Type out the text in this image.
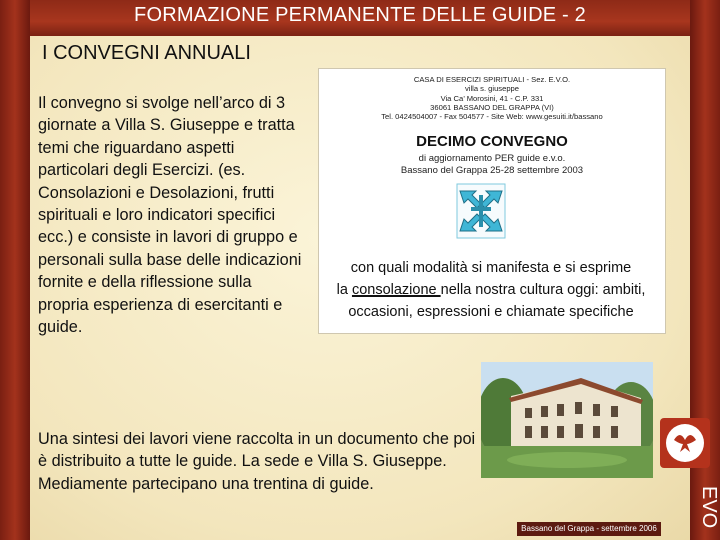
FORMAZIONE PERMANENTE DELLE GUIDE - 2
I CONVEGNI ANNUALI
Il convegno si svolge nell’arco di 3 giornate a Villa S. Giuseppe e tratta temi che riguardano aspetti particolari degli Esercizi. (es. Consolazioni e Desolazioni, frutti spirituali e loro indicatori specifici ecc.) e consiste in lavori di gruppo e personali sulla base delle indicazioni fornite e della riflessione sulla propria esperienza di esercitanti e guide.
CASA DI ESERCIZI SPIRITUALI - Sez. E.V.O.
villa s. giuseppe
Via Ca’ Morosini, 41 - C.P. 331
36061 BASSANO DEL GRAPPA (VI)
Tel. 0424504007 - Fax 504577 - Site Web: www.gesuiti.it/bassano
DECIMO CONVEGNO
di aggiornamento PER guide e.v.o.
Bassano del Grappa 25-28 settembre 2003
con quali modalità si manifesta e si esprime
la consolazione nella nostra cultura oggi: ambiti, occasioni, espressioni e chiamate specifiche
Una sintesi dei lavori viene raccolta in un documento che poi è distribuito a tutte le guide. La sede e Villa S. Giuseppe. Mediamente partecipano una trentina di guide.
Bassano del Grappa - settembre 2006
EVO
